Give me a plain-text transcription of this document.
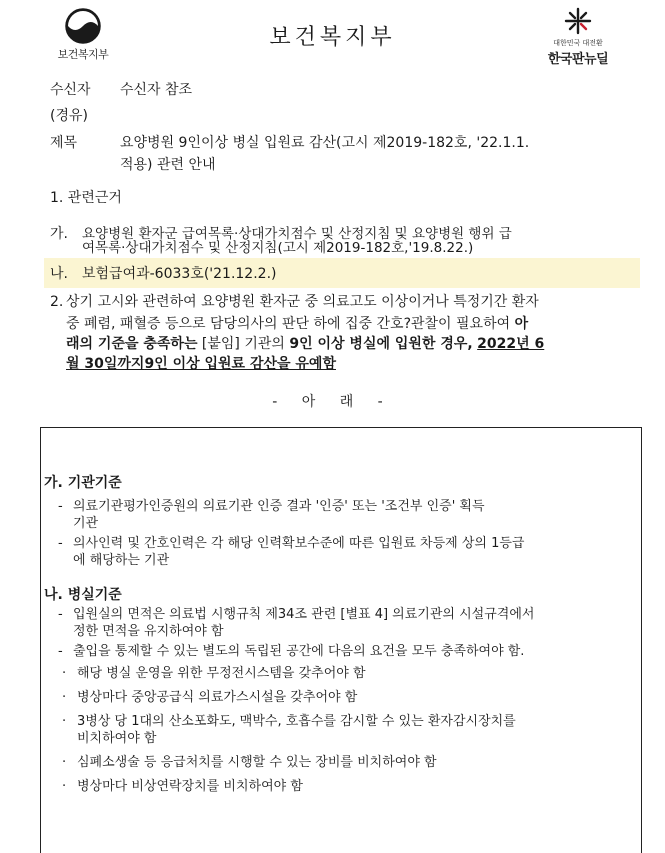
보건복지부
보건복지부	대한민국 대전환
한국판뉴딜
수신자 수신자 참조
(경유)
제목	요양병원 9인이상 병실 입원료 감산(고시 제2019-182호, '22.1.1.
적용) 관련 안내
1. 관련근거
가. 요양병원 환자군 급여목록·상대가치점수 및 산정지침 및 요양병원 행위 급
여목록·상대가치점수 및 산정지침(고시 제2019-182호,'19.8.22.)
나. 보험급여과-6033호('21.12.2.)
2. 상기 고시와 관련하여 요양병원 환자군 중 의료고도 이상이거나 특정기간 환자
중 폐렴, 패혈증 등으로 담당의사의 판단 하에 집중 간호?관찰이 필요하여 아
래의 기준을 충족하는 [붙임] 기관의 9인 이상 병실에 입원한 경우, 2022년 6
월 30일까지9인 이상 입원료 감산을 유예함
- 아 래 -
가. 기관기준
- 의료기관평가인증원의 의료기관 인증 결과 '인증' 또는 '조건부 인증' 획득
기관
- 의사인력 및 간호인력은 각 해당 인력확보수준에 따른 입원료 차등제 상의 1등급
에 해당하는 기관
나. 병실기준
- 입원실의 면적은 의료법 시행규칙 제34조 관련 [별표 4] 의료기관의 시설규격에서
정한 면적을 유지하여야 함
- 출입을 통제할 수 있는 별도의 독립된 공간에 다음의 요건을 모두 충족하여야 함.
· 해당 병실 운영을 위한 무정전시스템을 갖추어야 함
· 병상마다 중앙공급식 의료가스시설을 갖추어야 함
· 3병상 당 1대의 산소포화도, 맥박수, 호흡수를 감시할 수 있는 환자감시장치를
비치하여야 함
· 심폐소생술 등 응급처치를 시행할 수 있는 장비를 비치하여야 함
· 병상마다 비상연락장치를 비치하여야 함
